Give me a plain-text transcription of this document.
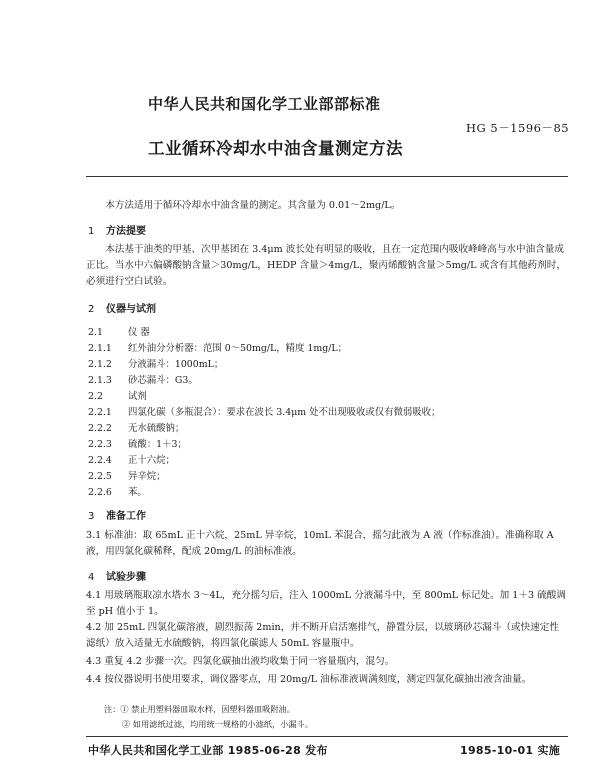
中华人民共和国化学工业部部标准
HG 5－1596－85
工业循环冷却水中油含量测定方法
本方法适用于循环冷却水中油含量的测定。其含量为 0.01～2mg/L。
1 方法提要
本法基于油类的甲基、次甲基团在 3.4μm 波长处有明显的吸收，且在一定范围内吸收峰峰高与水中油含量成正比。当水中六偏磷酸钠含量＞30mg/L，HEDP 含量＞4mg/L，聚丙烯酸钠含量＞5mg/L 或含有其他药剂时，必须进行空白试验。
2 仪器与试剂
2.1	仪 器
2.1.1 红外油分分析器：范围 0～50mg/L，精度 1mg/L；
2.1.2 分液漏斗：1000mL；
2.1.3 砂芯漏斗：G3。
2.2	试剂
2.2.1 四氯化碳（多瓶混合）：要求在波长 3.4μm 处不出现吸收或仅有微弱吸收；
2.2.2 无水硫酸钠；
2.2.3 硫酸：1＋3；
2.2.4 正十六烷；
2.2.5 异辛烷；
2.2.6 苯。
3 准备工作
3.1 标准油：取 65mL 正十六烷，25mL 异辛烷，10mL 苯混合，摇匀此液为 A 液（作标准油）。准确称取 A 液，用四氯化碳稀释，配成 20mg/L 的油标准液。
4 试验步骤
4.1 用玻璃瓶取凉水塔水 3～4L，充分摇匀后，注入 1000mL 分液漏斗中，至 800mL 标记处。加 1＋3 硫酸调至 pH 值小于 1。
4.2 加 25mL 四氯化碳溶液，剧烈振荡 2min，并不断开启活塞排气，静置分层，以玻璃砂芯漏斗（或快速定性滤纸）放入适量无水硫酸钠，将四氯化碳滤人 50mL 容量瓶中。
4.3 重复 4.2 步骤一次。四氯化碳抽出液均收集于同一容量瓶内，混匀。
4.4 按仪器说明书使用要求，调仪器零点，用 20mg/L 油标准液调满刻度，测定四氯化碳抽出液含油量。
注：① 禁止用塑料器皿取水样，因塑料器皿吸附油。
② 如用滤纸过滤，均用统一规格的小滤纸，小漏斗。
中华人民共和国化学工业部 1985-06-28 发布	1985-10-01 实施
